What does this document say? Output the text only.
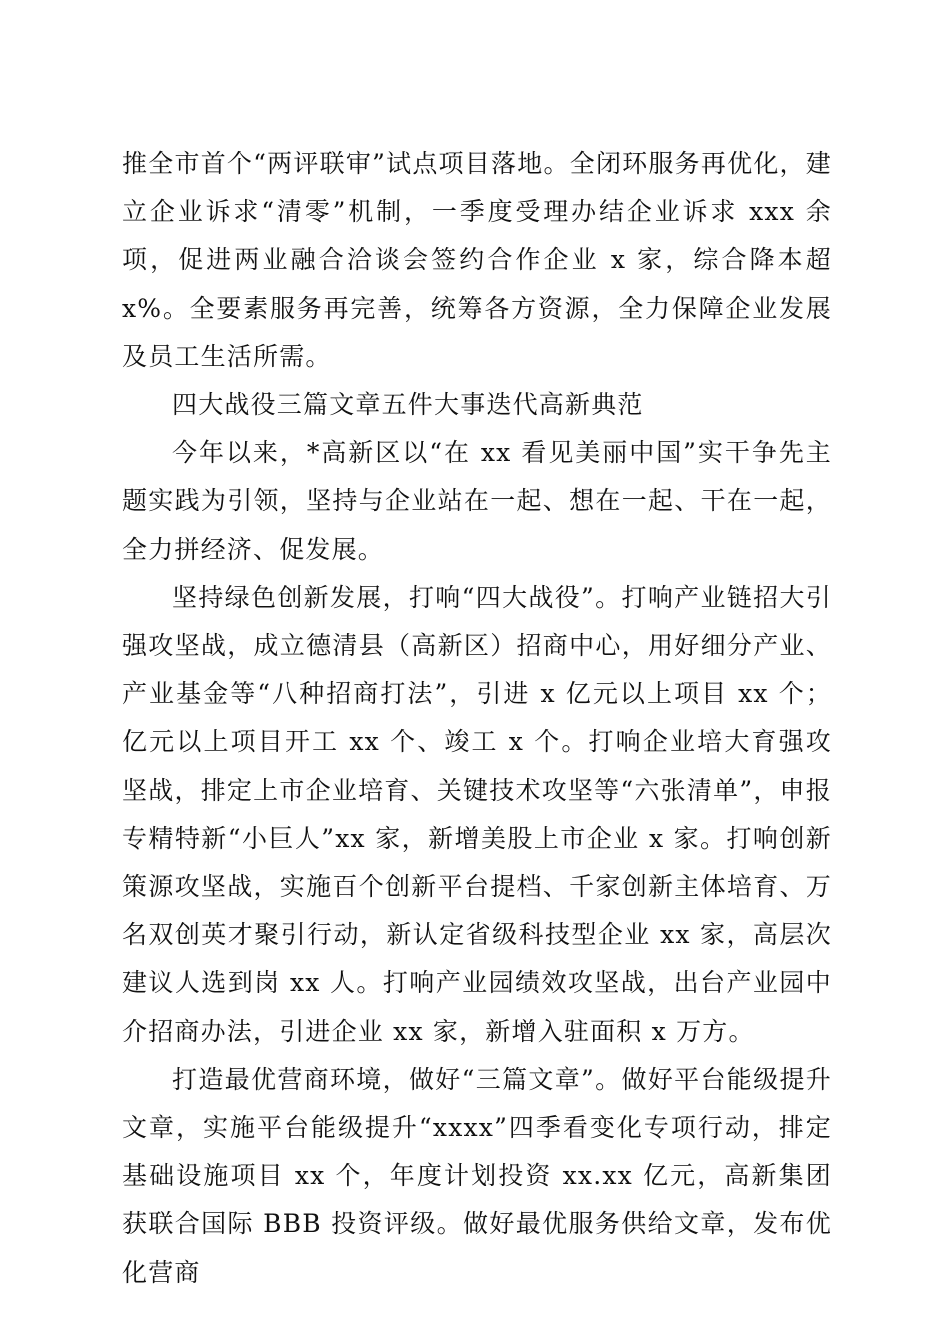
推全市首个“两评联审”试点项目落地。全闭环服务再优化，建立企业诉求“清零”机制，一季度受理办结企业诉求 xxx 余项，促进两业融合洽谈会签约合作企业 x 家，综合降本超 x%。全要素服务再完善，统筹各方资源，全力保障企业发展及员工生活所需。

四大战役三篇文章五件大事迭代高新典范

今年以来，*高新区以“在 xx 看见美丽中国”实干争先主题实践为引领，坚持与企业站在一起、想在一起、干在一起，全力拼经济、促发展。

坚持绿色创新发展，打响“四大战役”。打响产业链招大引强攻坚战，成立德清县（高新区）招商中心，用好细分产业、产业基金等“八种招商打法”，引进 x 亿元以上项目 xx 个；亿元以上项目开工 xx 个、竣工 x 个。打响企业培大育强攻坚战，排定上市企业培育、关键技术攻坚等“六张清单”，申报专精特新“小巨人”xx 家，新增美股上市企业 x 家。打响创新策源攻坚战，实施百个创新平台提档、千家创新主体培育、万名双创英才聚引行动，新认定省级科技型企业 xx 家，高层次建议人选到岗 xx 人。打响产业园绩效攻坚战，出台产业园中介招商办法，引进企业 xx 家，新增入驻面积 x 万方。

打造最优营商环境，做好“三篇文章”。做好平台能级提升文章，实施平台能级提升“xxxx”四季看变化专项行动，排定基础设施项目 xx 个，年度计划投资 xx.xx 亿元，高新集团获联合国际 BBB 投资评级。做好最优服务供给文章，发布优化营商
